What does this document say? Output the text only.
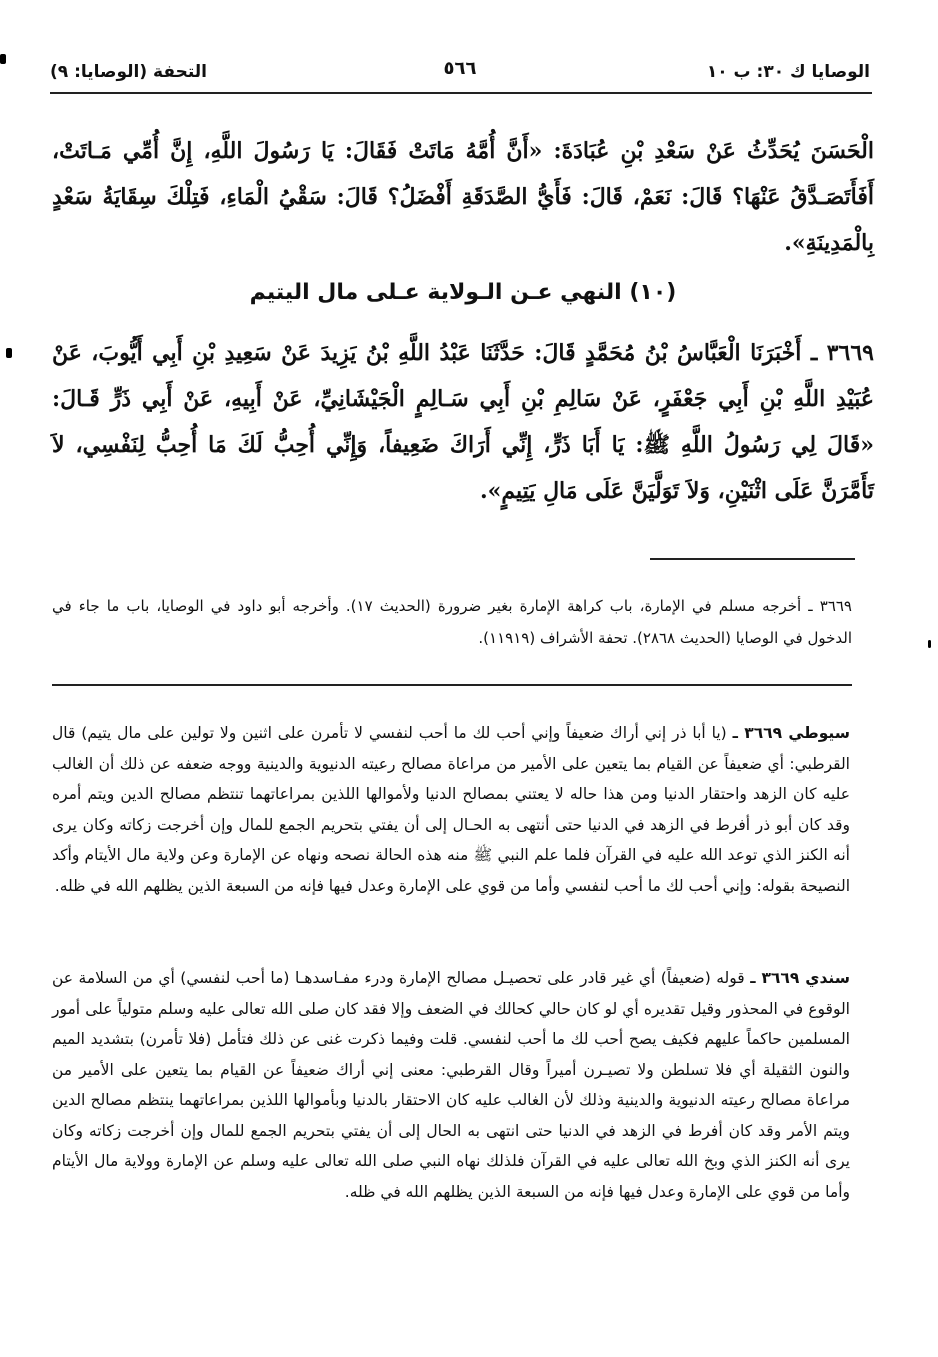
الوصايا ك ٣٠: ب ١٠
٥٦٦
التحفة (الوصايا: ٩)
الْحَسَنَ يُحَدِّثُ عَنْ سَعْدِ بْنِ عُبَادَةَ: «أَنَّ أُمَّهُ مَاتَتْ فَقَالَ: يَا رَسُولَ اللَّهِ، إِنَّ أُمِّي مَـاتَتْ، أَفَأَتَصَـدَّقُ عَنْهَا؟ قَالَ: نَعَمْ، قَالَ: فَأَيُّ الصَّدَقَةِ أَفْضَلُ؟ قَالَ: سَقْيُ الْمَاءِ، فَتِلْكَ سِقَايَةُ سَعْدٍ بِالْمَدِينَةِ».
(١٠) النهي عـن الـولاية عـلى مال اليتيم
٣٦٦٩ ـ أَخْبَرَنَا الْعَبَّاسُ بْنُ مُحَمَّدٍ قَالَ: حَدَّثَنَا عَبْدُ اللَّهِ بْنُ يَزِيدَ عَنْ سَعِيدِ بْنِ أَبِي أَيُّوبَ، عَنْ عُبَيْدِ اللَّهِ بْنِ أَبِي جَعْفَرٍ، عَنْ سَالِمِ بْنِ أَبِي سَـالِمٍ الْجَيْشَانِيِّ، عَنْ أَبِيهِ، عَنْ أَبِي ذَرٍّ قَـالَ: «قَالَ لِي رَسُولُ اللَّهِ ﷺ: يَا أَبَا ذَرٍّ، إِنِّي أَرَاكَ ضَعِيفاً، وَإِنِّي أُحِبُّ لَكَ مَا أُحِبُّ لِنَفْسِي، لاَ تَأَمَّرَنَّ عَلَى اثْنَيْنِ، وَلاَ تَوَلَّيَنَّ عَلَى مَالِ يَتِيمٍ».
٣٦٦٩ ـ أخرجه مسلم في الإمارة، باب كراهة الإمارة بغير ضرورة (الحديث ١٧). وأخرجه أبو داود في الوصايا، باب ما جاء في الدخول في الوصايا (الحديث ٢٨٦٨). تحفة الأشراف (١١٩١٩).
سيوطي ٣٦٦٩ ـ (يا أبا ذر إني أراك ضعيفاً وإني أحب لك ما أحب لنفسي لا تأمرن على اثنين ولا تولين على مال يتيم) قال القرطبي: أي ضعيفاً عن القيام بما يتعين على الأمير من مراعاة مصالح رعيته الدنيوية والدينية ووجه ضعفه عن ذلك أن الغالب عليه كان الزهد واحتقار الدنيا ومن هذا حاله لا يعتني بمصالح الدنيا ولأموالها اللذين بمراعاتهما تنتظم مصالح الدين ويتم أمره وقد كان أبو ذر أفرط في الزهد في الدنيا حتى أنتهى به الحـال إلى أن يفتي بتحريم الجمع للمال وإن أخرجت زكاته وكان يرى أنه الكنز الذي توعد الله عليه في القرآن فلما علم النبي ﷺ منه هذه الحالة نصحه ونهاه عن الإمارة وعن ولاية مال الأيتام وأكد النصيحة بقوله: وإني أحب لك ما أحب لنفسي وأما من قوي على الإمارة وعدل فيها فإنه من السبعة الذين يظلهم الله في ظله.
سندي ٣٦٦٩ ـ قوله (ضعيفاً) أي غير قادر على تحصيـل مصالح الإمارة ودرء مفـاسدهـا (ما أحب لنفسي) أي من السلامة عن الوقوع في المحذور وقيل تقديره أي لو كان حالي كحالك في الضعف وإلا فقد كان صلى الله تعالى عليه وسلم متولياً على أمور المسلمين حاكماً عليهم فكيف يصح أحب لك ما أحب لنفسي. قلت وفيما ذكرت غنى عن ذلك فتأمل (فلا تأمرن) بتشديد الميم والنون الثقيلة أي فلا تسلطن ولا تصيـرن أميراً وقال القرطبي: معنى إني أراك ضعيفاً عن القيام بما يتعين على الأمير من مراعاة مصالح رعيته الدنيوية والدينية وذلك لأن الغالب عليه كان الاحتقار بالدنيا وبأموالها اللذين بمراعاتهما ينتظم مصالح الدين ويتم الأمر وقد كان أفرط في الزهد في الدنيا حتى انتهى به الحال إلى أن يفتي بتحريم الجمع للمال وإن أخرجت زكاته وكان يرى أنه الكنز الذي وبخ الله تعالى عليه في القرآن فلذلك نهاه النبي صلى الله تعالى عليه وسلم عن الإمارة وولاية مال الأيتام وأما من قوي على الإمارة وعدل فيها فإنه من السبعة الذين يظلهم الله في ظله.
